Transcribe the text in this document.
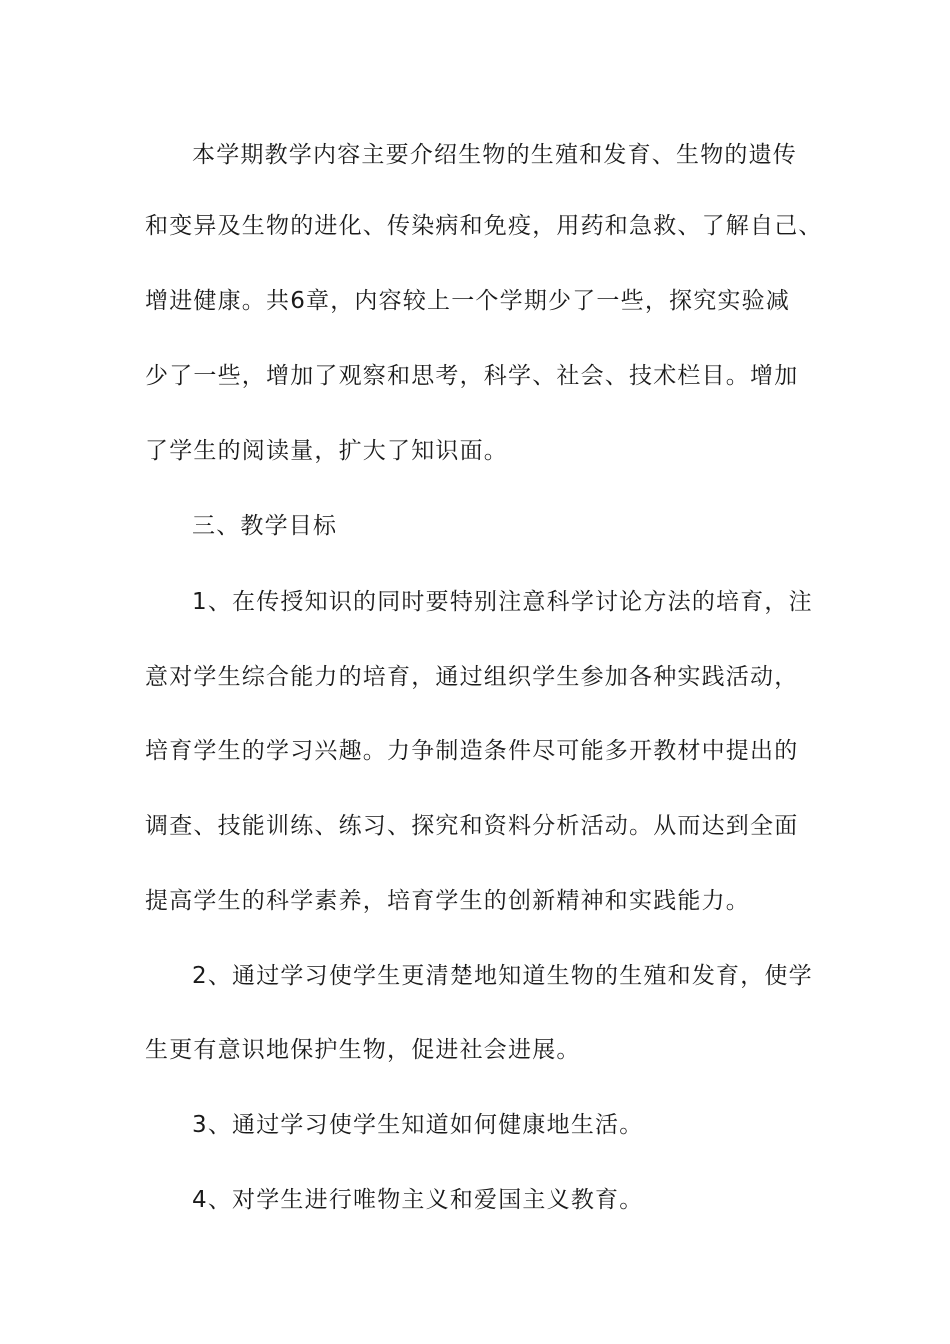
本学期教学内容主要介绍生物的生殖和发育、生物的遗传

和变异及生物的进化、传染病和免疫，用药和急救、了解自己、

增进健康。共6章，内容较上一个学期少了一些，探究实验减

少了一些，增加了观察和思考，科学、社会、技术栏目。增加

了学生的阅读量，扩大了知识面。

三、教学目标

1、在传授知识的同时要特别注意科学讨论方法的培育，注

意对学生综合能力的培育，通过组织学生参加各种实践活动，

培育学生的学习兴趣。力争制造条件尽可能多开教材中提出的

调查、技能训练、练习、探究和资料分析活动。从而达到全面

提高学生的科学素养，培育学生的创新精神和实践能力。

2、通过学习使学生更清楚地知道生物的生殖和发育，使学

生更有意识地保护生物，促进社会进展。

3、通过学习使学生知道如何健康地生活。

4、对学生进行唯物主义和爱国主义教育。
